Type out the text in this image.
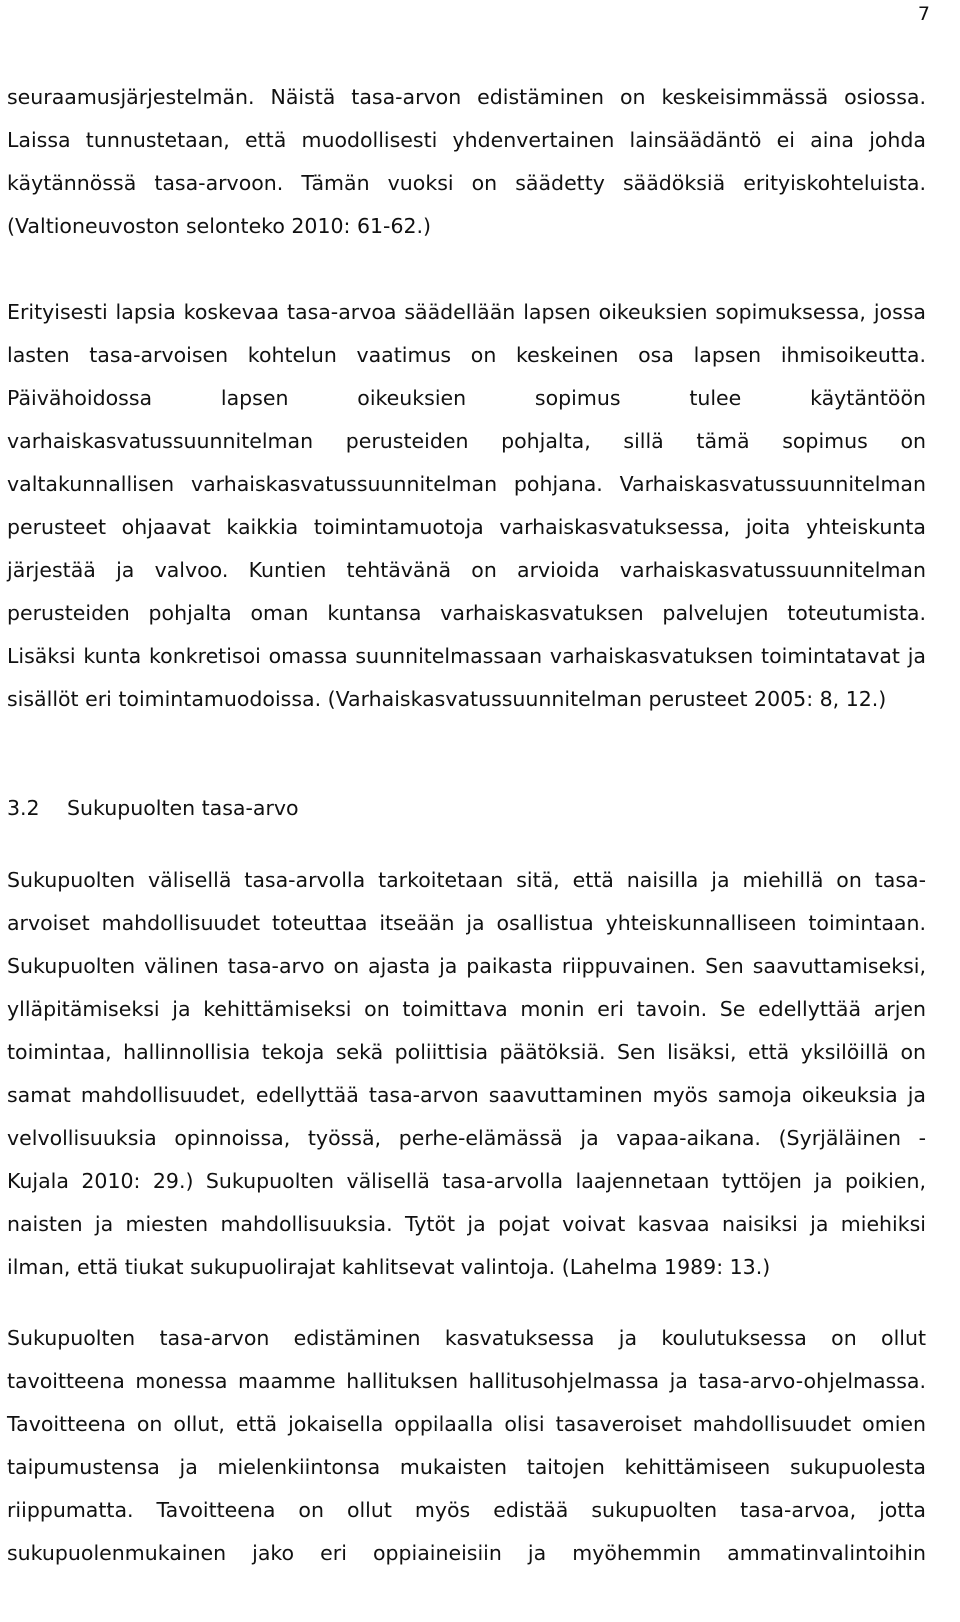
7
seuraamusjärjestelmän. Näistä tasa-arvon edistäminen on keskeisimmässä osiossa.
Laissa tunnustetaan, että muodollisesti yhdenvertainen lainsäädäntö ei aina johda
käytännössä tasa-arvoon. Tämän vuoksi on säädetty säädöksiä erityiskohteluista.
(Valtioneuvoston selonteko 2010: 61-62.)
Erityisesti lapsia koskevaa tasa-arvoa säädellään lapsen oikeuksien sopimuksessa, jossa
lasten tasa-arvoisen kohtelun vaatimus on keskeinen osa lapsen ihmisoikeutta.
Päivähoidossa lapsen oikeuksien sopimus tulee käytäntöön
varhaiskasvatussuunnitelman perusteiden pohjalta, sillä tämä sopimus on
valtakunnallisen varhaiskasvatussuunnitelman pohjana. Varhaiskasvatussuunnitelman
perusteet ohjaavat kaikkia toimintamuotoja varhaiskasvatuksessa, joita yhteiskunta
järjestää ja valvoo. Kuntien tehtävänä on arvioida varhaiskasvatussuunnitelman
perusteiden pohjalta oman kuntansa varhaiskasvatuksen palvelujen toteutumista.
Lisäksi kunta konkretisoi omassa suunnitelmassaan varhaiskasvatuksen toimintatavat ja
sisällöt eri toimintamuodoissa. (Varhaiskasvatussuunnitelman perusteet 2005: 8, 12.)
3.2 Sukupuolten tasa-arvo
Sukupuolten välisellä tasa-arvolla tarkoitetaan sitä, että naisilla ja miehillä on tasa-
arvoiset mahdollisuudet toteuttaa itseään ja osallistua yhteiskunnalliseen toimintaan.
Sukupuolten välinen tasa-arvo on ajasta ja paikasta riippuvainen. Sen saavuttamiseksi,
ylläpitämiseksi ja kehittämiseksi on toimittava monin eri tavoin. Se edellyttää arjen
toimintaa, hallinnollisia tekoja sekä poliittisia päätöksiä. Sen lisäksi, että yksilöillä on
samat mahdollisuudet, edellyttää tasa-arvon saavuttaminen myös samoja oikeuksia ja
velvollisuuksia opinnoissa, työssä, perhe-elämässä ja vapaa-aikana. (Syrjäläinen -
Kujala 2010: 29.) Sukupuolten välisellä tasa-arvolla laajennetaan tyttöjen ja poikien,
naisten ja miesten mahdollisuuksia. Tytöt ja pojat voivat kasvaa naisiksi ja miehiksi
ilman, että tiukat sukupuolirajat kahlitsevat valintoja. (Lahelma 1989: 13.)
Sukupuolten tasa-arvon edistäminen kasvatuksessa ja koulutuksessa on ollut
tavoitteena monessa maamme hallituksen hallitusohjelmassa ja tasa-arvo-ohjelmassa.
Tavoitteena on ollut, että jokaisella oppilaalla olisi tasaveroiset mahdollisuudet omien
taipumustensa ja mielenkiintonsa mukaisten taitojen kehittämiseen sukupuolesta
riippumatta. Tavoitteena on ollut myös edistää sukupuolten tasa-arvoa, jotta
sukupuolenmukainen jako eri oppiaineisiin ja myöhemmin ammatinvalintoihin
